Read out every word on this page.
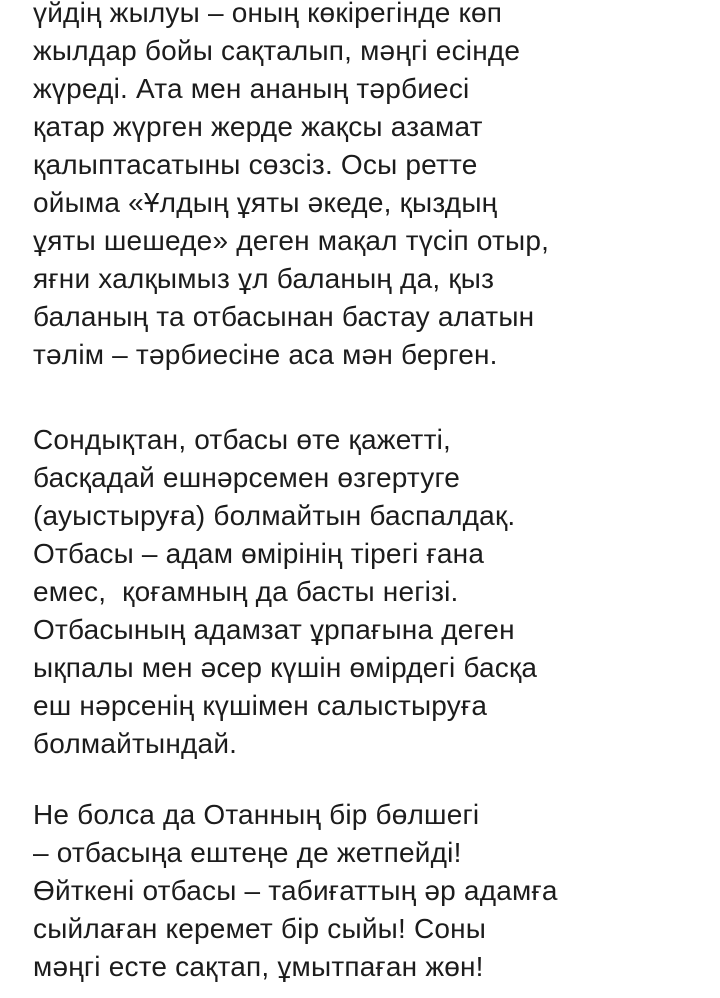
үйдің жылуы – оның көкірегінде көп
жылдар бойы сақталып, мәңгі есінде
жүреді. Ата мен ананың тәрбиесі
қатар жүрген жерде жақсы азамат
қалыптасатыны сөзсіз. Осы ретте
ойыма «Ұлдың ұяты әкеде, қыздың
ұяты шешеде» деген мақал түсіп отыр,
яғни халқымыз ұл баланың да, қыз
баланың та отбасынан бастау алатын
тәлім – тәрбиесіне аса мән берген.
Сондықтан, отбасы өте қажетті,
басқадай ешнәрсемен өзгертуге
(ауыстыруға) болмайтын баспалдақ.
Отбасы – адам өмірінің тірегі ғана
емес,  қоғамның да басты негізі.
Отбасының адамзат ұрпағына деген
ықпалы мен әсер күшін өмірдегі басқа
еш нәрсенің күшімен салыстыруға
болмайтындай.
Не болса да Отанның бір бөлшегі
– отбасыңа ештеңе де жетпейді!
Өйткені отбасы – табиғаттың әр адамға
сыйлаған керемет бір сыйы! Соны
мәңгі есте сақтап, ұмытпаған жөн!
